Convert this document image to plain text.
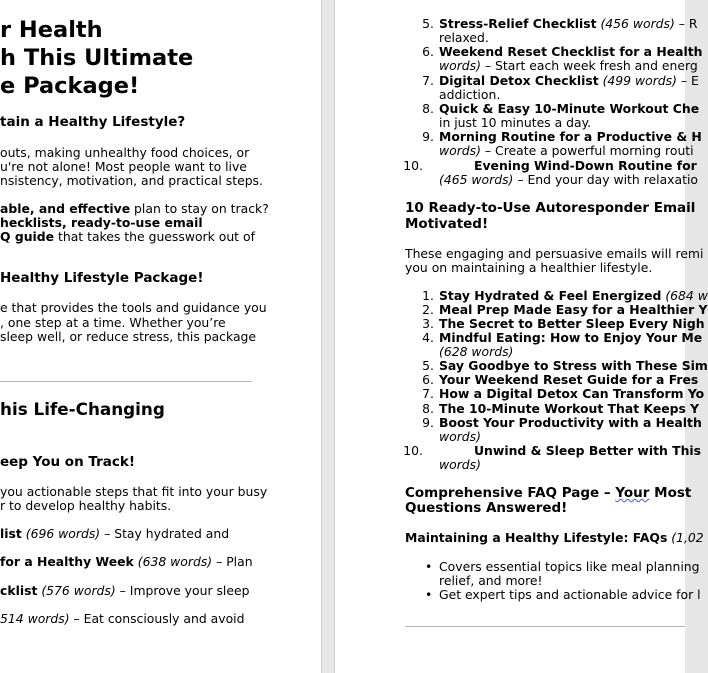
r Health
h This Ultimate
e Package!
tain a Healthy Lifestyle?
outs, making unhealthy food choices, or
u're not alone! Most people want to live
nsistency, motivation, and practical steps.
able, and effective plan to stay on track?
hecklists, ready-to-use email
Q guide that takes the guesswork out of
Healthy Lifestyle Package!
e that provides the tools and guidance you
, one step at a time. Whether you’re
sleep well, or reduce stress, this package
his Life-Changing
eep You on Track!
you actionable steps that fit into your busy
r to develop healthy habits.
list (696 words) – Stay hydrated and
for a Healthy Week (638 words) – Plan
cklist (576 words) – Improve your sleep
514 words) – Eat consciously and avoid
5. Stress-Relief Checklist (456 words) – R
relaxed.
6. Weekend Reset Checklist for a Health
words) – Start each week fresh and energ
7. Digital Detox Checklist (499 words) – E
addiction.
8. Quick & Easy 10-Minute Workout Che
in just 10 minutes a day.
9. Morning Routine for a Productive & H
words) – Create a powerful morning routi
10.	Evening Wind-Down Routine for
(465 words) – End your day with relaxatio
10 Ready-to-Use Autoresponder Email
Motivated!
These engaging and persuasive emails will remi
you on maintaining a healthier lifestyle.
1. Stay Hydrated & Feel Energized (684 w
2. Meal Prep Made Easy for a Healthier Y
3. The Secret to Better Sleep Every Nigh
4. Mindful Eating: How to Enjoy Your Me
(628 words)
5. Say Goodbye to Stress with These Sim
6. Your Weekend Reset Guide for a Fres
7. How a Digital Detox Can Transform Yo
8. The 10-Minute Workout That Keeps Y
9. Boost Your Productivity with a Health
words)
10.	Unwind & Sleep Better with This
words)
Comprehensive FAQ Page – Your Most
Questions Answered!
Maintaining a Healthy Lifestyle: FAQs (1,02
• Covers essential topics like meal planning
relief, and more!
• Get expert tips and actionable advice for l
